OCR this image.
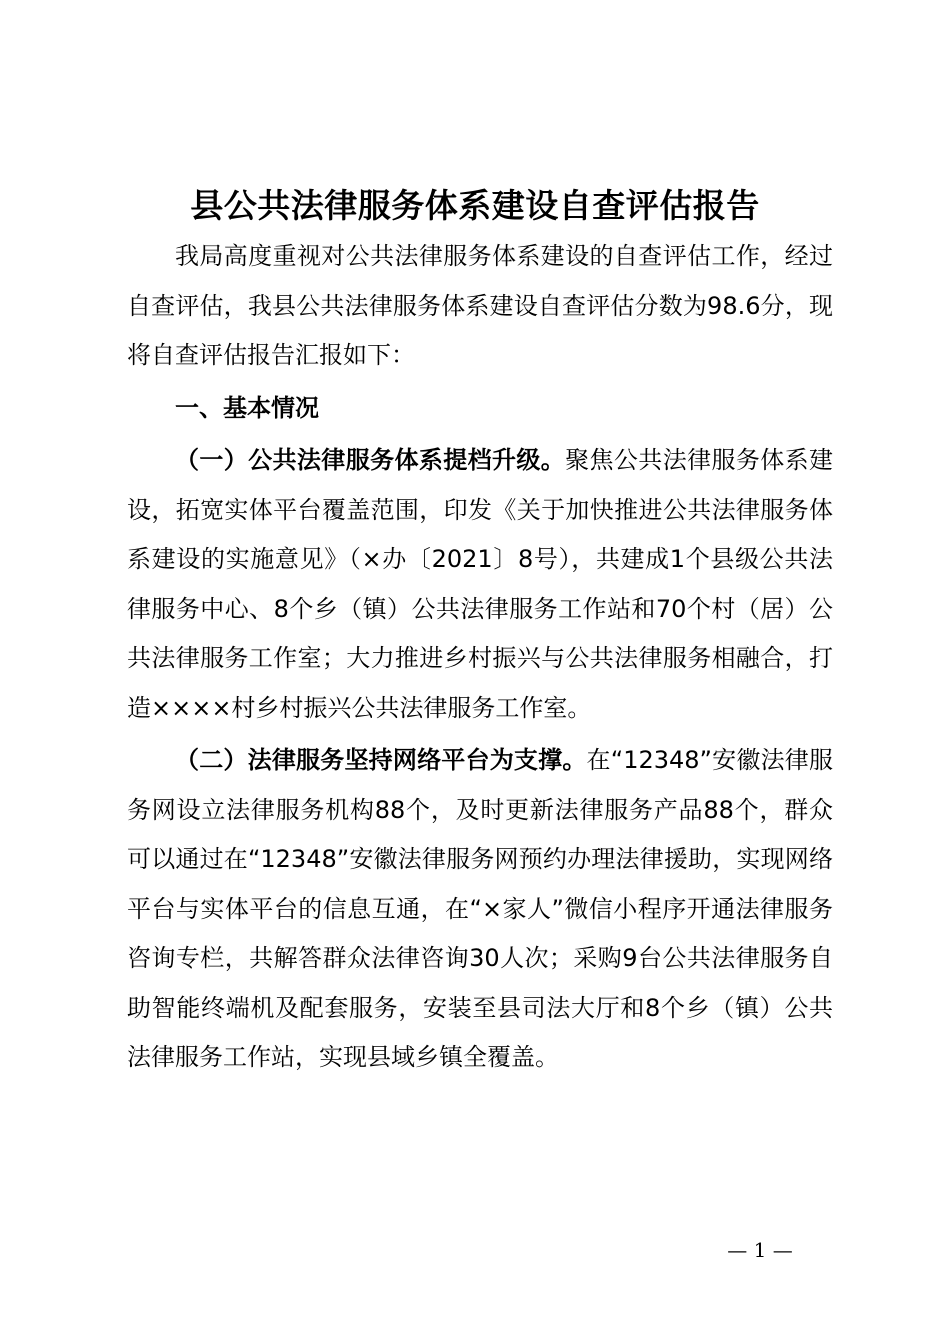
县公共法律服务体系建设自查评估报告

我局高度重视对公共法律服务体系建设的自查评估工作，经过自查评估，我县公共法律服务体系建设自查评估分数为98.6分，现将自查评估报告汇报如下：

一、基本情况

（一）公共法律服务体系提档升级。聚焦公共法律服务体系建设，拓宽实体平台覆盖范围，印发《关于加快推进公共法律服务体系建设的实施意见》（×办〔2021〕8号），共建成1个县级公共法律服务中心、8个乡（镇）公共法律服务工作站和70个村（居）公共法律服务工作室；大力推进乡村振兴与公共法律服务相融合，打造××××村乡村振兴公共法律服务工作室。

（二）法律服务坚持网络平台为支撑。在“12348”安徽法律服务网设立法律服务机构88个，及时更新法律服务产品88个，群众可以通过在“12348”安徽法律服务网预约办理法律援助，实现网络平台与实体平台的信息互通，在“×家人”微信小程序开通法律服务咨询专栏，共解答群众法律咨询30人次；采购9台公共法律服务自助智能终端机及配套服务，安装至县司法大厅和8个乡（镇）公共法律服务工作站，实现县域乡镇全覆盖。

— 1 —
